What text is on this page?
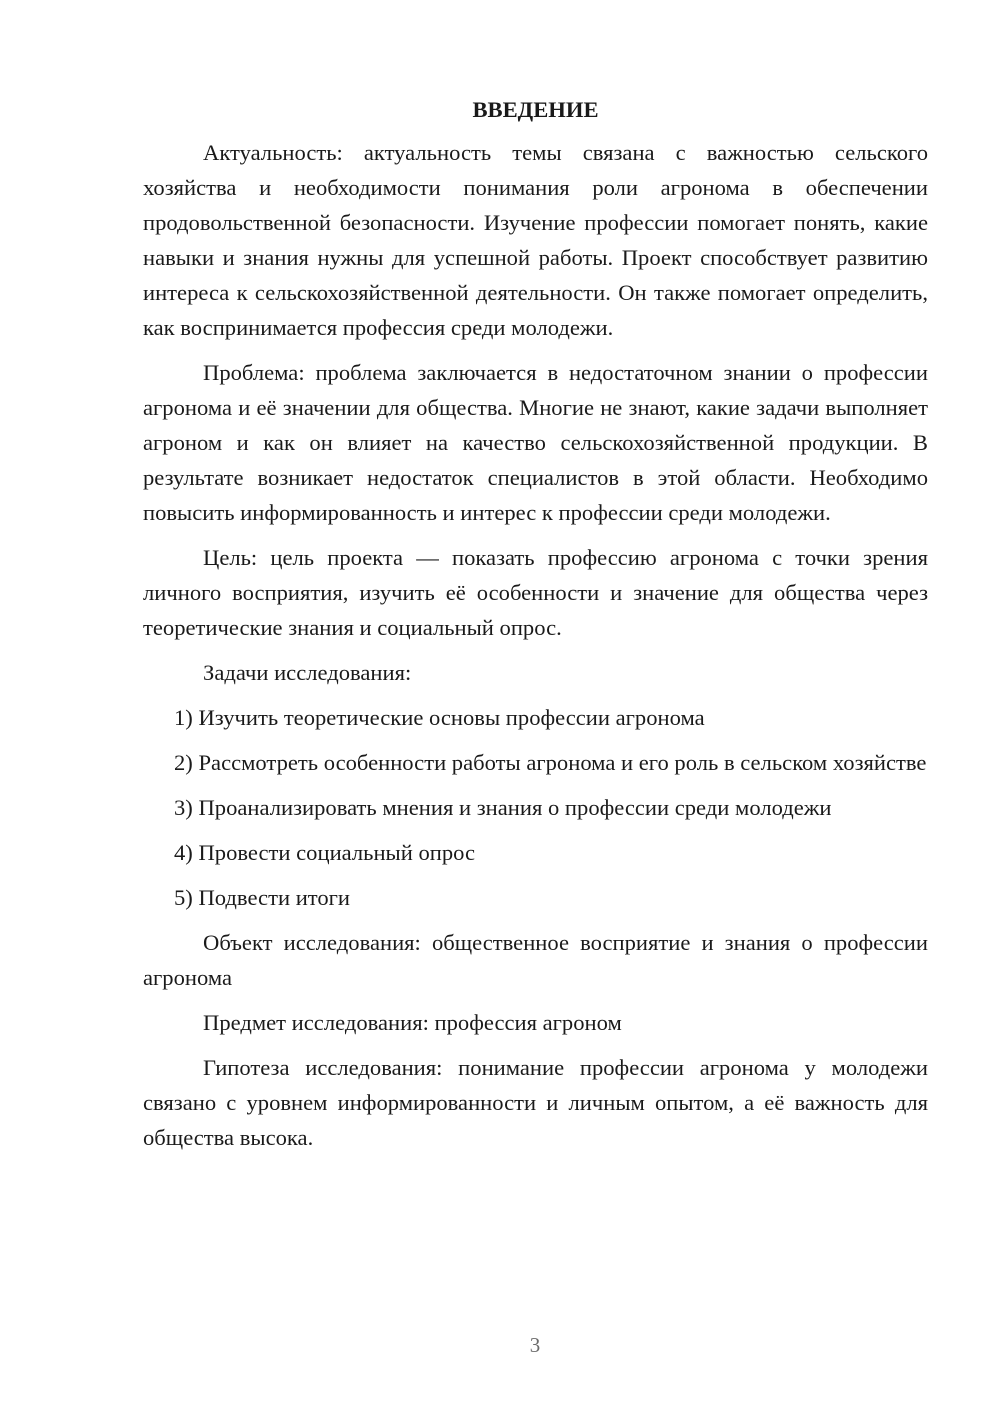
ВВЕДЕНИЕ

Актуальность: актуальность темы связана с важностью сельского хозяйства и необходимости понимания роли агронома в обеспечении продовольственной безопасности. Изучение профессии помогает понять, какие навыки и знания нужны для успешной работы. Проект способствует развитию интереса к сельскохозяйственной деятельности. Он также помогает определить, как воспринимается профессия среди молодежи.

Проблема: проблема заключается в недостаточном знании о профессии агронома и её значении для общества. Многие не знают, какие задачи выполняет агроном и как он влияет на качество сельскохозяйственной продукции. В результате возникает недостаток специалистов в этой области. Необходимо повысить информированность и интерес к профессии среди молодежи.

Цель: цель проекта — показать профессию агронома с точки зрения личного восприятия, изучить её особенности и значение для общества через теоретические знания и социальный опрос.

Задачи исследования:

1) Изучить теоретические основы профессии агронома

2) Рассмотреть особенности работы агронома и его роль в сельском хозяйстве

3) Проанализировать мнения и знания о профессии среди молодежи

4) Провести социальный опрос

5) Подвести итоги

Объект исследования: общественное восприятие и знания о профессии агронома

Предмет исследования: профессия агроном

Гипотеза исследования: понимание профессии агронома у молодежи связано с уровнем информированности и личным опытом, а её важность для общества высока.

3
